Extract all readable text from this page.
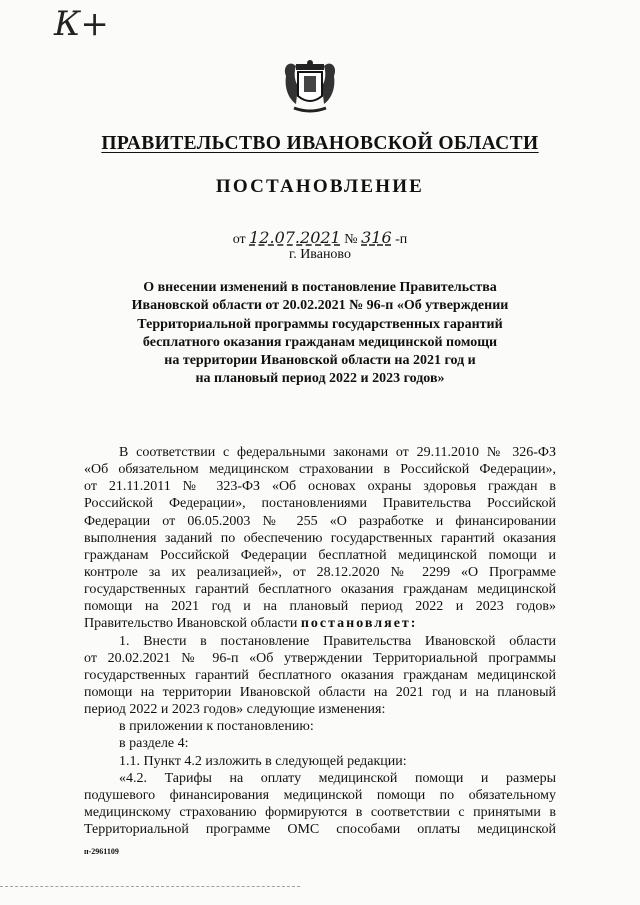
К+
ПРАВИТЕЛЬСТВО ИВАНОВСКОЙ ОБЛАСТИ
ПОСТАНОВЛЕНИЕ
от 12.07.2021 № 316 -п
г. Иваново
О внесении изменений в постановление Правительства
Ивановской области от 20.02.2021 № 96-п «Об утверждении
Территориальной программы государственных гарантий
бесплатного оказания гражданам медицинской помощи
на территории Ивановской области на 2021 год и
на плановый период 2022 и 2023 годов»
В соответствии с федеральными законами от 29.11.2010 № 326-ФЗ
«Об обязательном медицинском страховании в Российской Федерации»,
от 21.11.2011 № 323-ФЗ «Об основах охраны здоровья граждан в
Российской Федерации», постановлениями Правительства Российской
Федерации от 06.05.2003 № 255 «О разработке и финансировании
выполнения заданий по обеспечению государственных гарантий оказания
гражданам Российской Федерации бесплатной медицинской помощи и
контроле за их реализацией», от 28.12.2020 № 2299 «О Программе
государственных гарантий бесплатного оказания гражданам медицинской
помощи на 2021 год и на плановый период 2022 и 2023 годов»
Правительство Ивановской области постановляет:
1. Внести в постановление Правительства Ивановской области
от 20.02.2021 № 96-п «Об утверждении Территориальной программы
государственных гарантий бесплатного оказания гражданам медицинской
помощи на территории Ивановской области на 2021 год и на плановый
период 2022 и 2023 годов» следующие изменения:
в приложении к постановлению:
в разделе 4:
1.1. Пункт 4.2 изложить в следующей редакции:
«4.2. Тарифы на оплату медицинской помощи и размеры
подушевого финансирования медицинской помощи по обязательному
медицинскому страхованию формируются в соответствии с принятыми в
Территориальной программе ОМС способами оплаты медицинской
п-2961109
